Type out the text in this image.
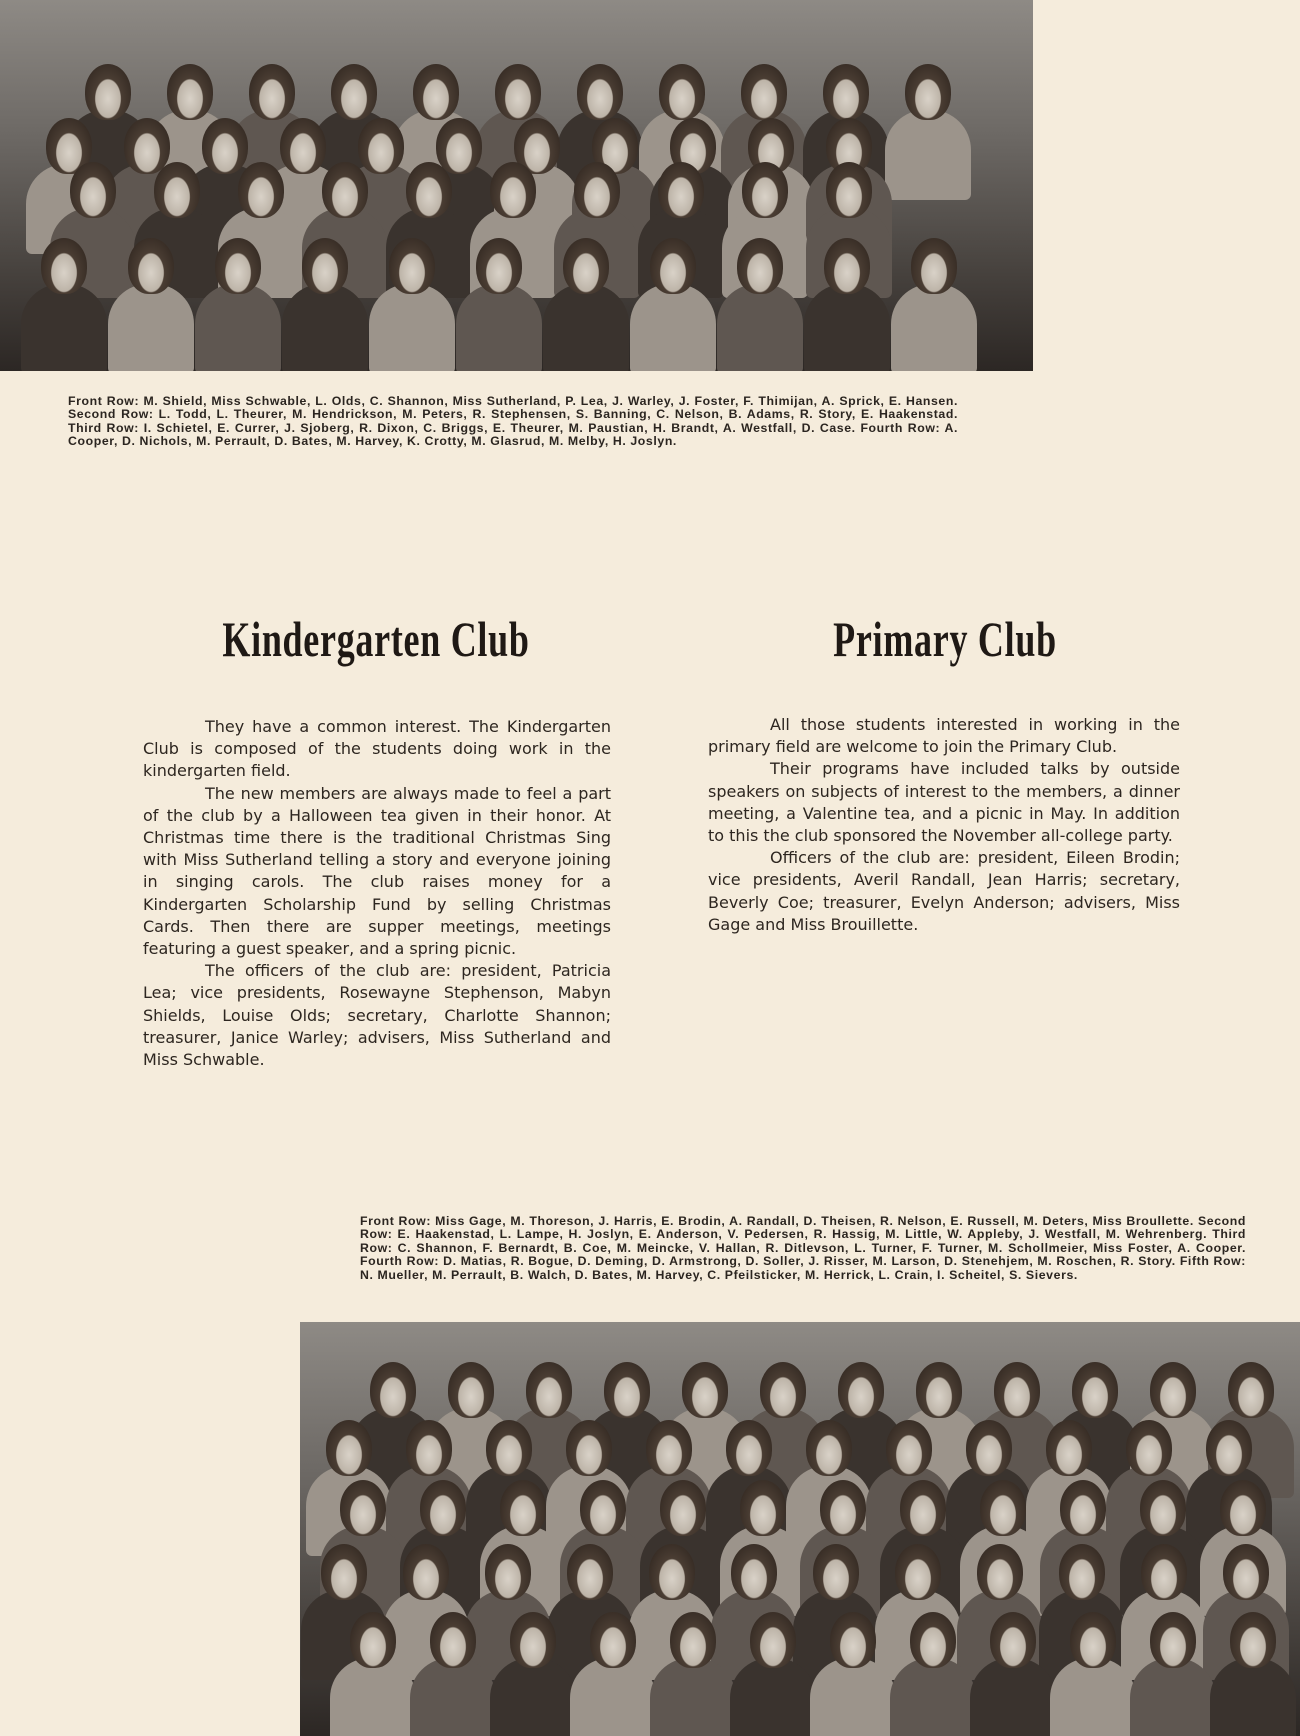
Front Row: M. Shield, Miss Schwable, L. Olds, C. Shannon, Miss Sutherland, P. Lea, J. Warley, J. Foster, F. Thimijan, A. Sprick, E. Hansen. Second Row: L. Todd, L. Theurer, M. Hendrickson, M. Peters, R. Stephensen, S. Banning, C. Nelson, B. Adams, R. Story, E. Haakenstad. Third Row: I. Schietel, E. Currer, J. Sjoberg, R. Dixon, C. Briggs, E. Theurer, M. Paustian, H. Brandt, A. Westfall, D. Case. Fourth Row: A. Cooper, D. Nichols, M. Perrault, D. Bates, M. Harvey, K. Crotty, M. Glasrud, M. Melby, H. Joslyn.

Kindergarten Club	Primary Club

They have a common interest. The Kindergarten Club is composed of the students doing work in the kindergarten field.

The new members are always made to feel a part of the club by a Halloween tea given in their honor. At Christmas time there is the traditional Christmas Sing with Miss Sutherland telling a story and everyone joining in singing carols. The club raises money for a Kindergarten Scholarship Fund by selling Christmas Cards. Then there are supper meetings, meetings featuring a guest speaker, and a spring picnic.

The officers of the club are: president, Patricia Lea; vice presidents, Rosewayne Stephenson, Mabyn Shields, Louise Olds; secretary, Charlotte Shannon; treasurer, Janice Warley; advisers, Miss Sutherland and Miss Schwable.

All those students interested in working in the primary field are welcome to join the Primary Club.

Their programs have included talks by outside speakers on subjects of interest to the members, a dinner meeting, a Valentine tea, and a picnic in May. In addition to this the club sponsored the November all-college party.

Officers of the club are: president, Eileen Brodin; vice presidents, Averil Randall, Jean Harris; secretary, Beverly Coe; treasurer, Evelyn Anderson; advisers, Miss Gage and Miss Brouillette.

Front Row: Miss Gage, M. Thoreson, J. Harris, E. Brodin, A. Randall, D. Theisen, R. Nelson, E. Russell, M. Deters, Miss Broullette. Second Row: E. Haakenstad, L. Lampe, H. Joslyn, E. Anderson, V. Pedersen, R. Hassig, M. Little, W. Appleby, J. Westfall, M. Wehrenberg. Third Row: C. Shannon, F. Bernardt, B. Coe, M. Meincke, V. Hallan, R. Ditlevson, L. Turner, F. Turner, M. Schollmeier, Miss Foster, A. Cooper. Fourth Row: D. Matias, R. Bogue, D. Deming, D. Armstrong, D. Soller, J. Risser, M. Larson, D. Stenehjem, M. Roschen, R. Story. Fifth Row: N. Mueller, M. Perrault, B. Walch, D. Bates, M. Harvey, C. Pfeilsticker, M. Herrick, L. Crain, I. Scheitel, S. Sievers.
